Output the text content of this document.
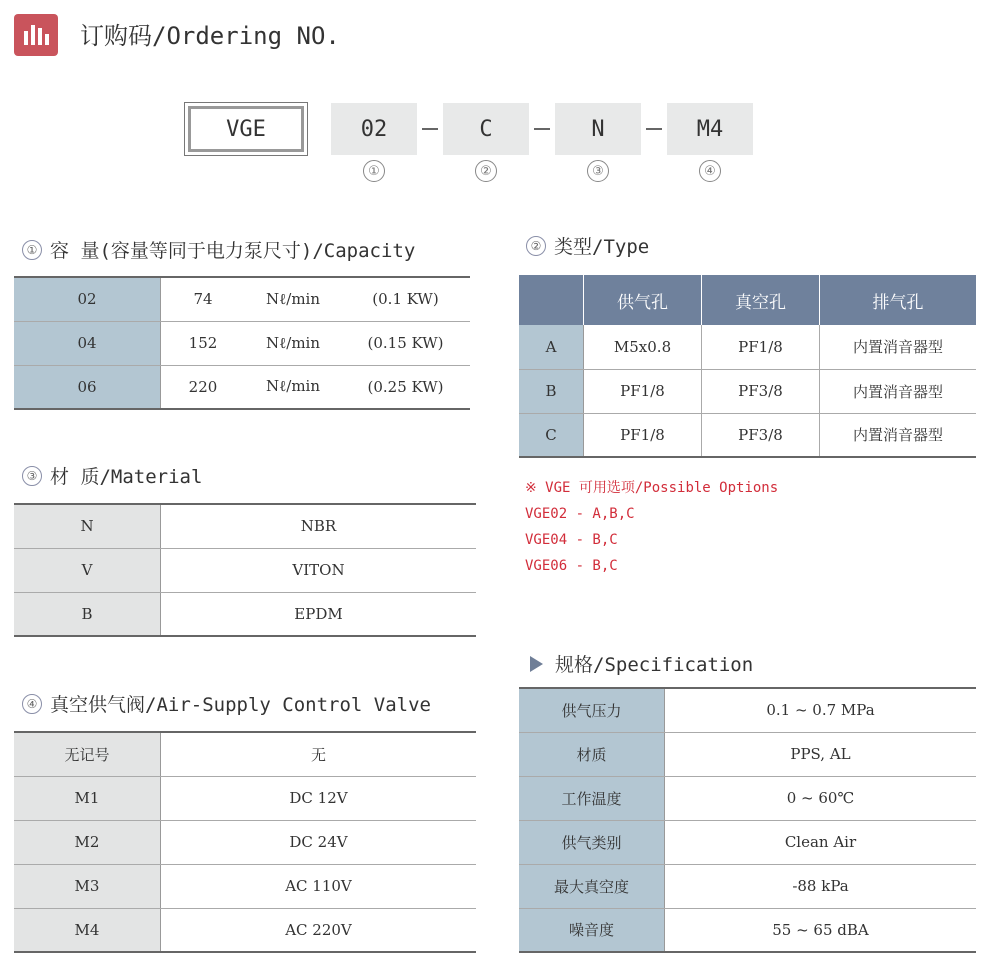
订购码/Ordering NO.
VGE	02	C	N	M4
①	②	③	④
① 容 量(容量等同于电力泵尺寸)/Capacity
02	74	Nℓ/min	(0.1 KW)
04	152	Nℓ/min	(0.15 KW)
06	220	Nℓ/min	(0.25 KW)
② 类型/Type
	供气孔	真空孔	排气孔
A	M5x0.8	PF1/8	内置消音器型
B	PF1/8	PF3/8	内置消音器型
C	PF1/8	PF3/8	内置消音器型
※ VGE 可用选项/Possible Options
VGE02 - A,B,C
VGE04 - B,C
VGE06 - B,C
③ 材 质/Material
N	NBR
V	VITON
B	EPDM
规格/Specification
供气压力	0.1 ~ 0.7 MPa
材质	PPS, AL
工作温度	0 ~ 60℃
供气类别	Clean Air
最大真空度	-88 kPa
噪音度	55 ~ 65 dBA
④ 真空供气阀/Air-Supply Control Valve
无记号	无
M1	DC 12V
M2	DC 24V
M3	AC 110V
M4	AC 220V
